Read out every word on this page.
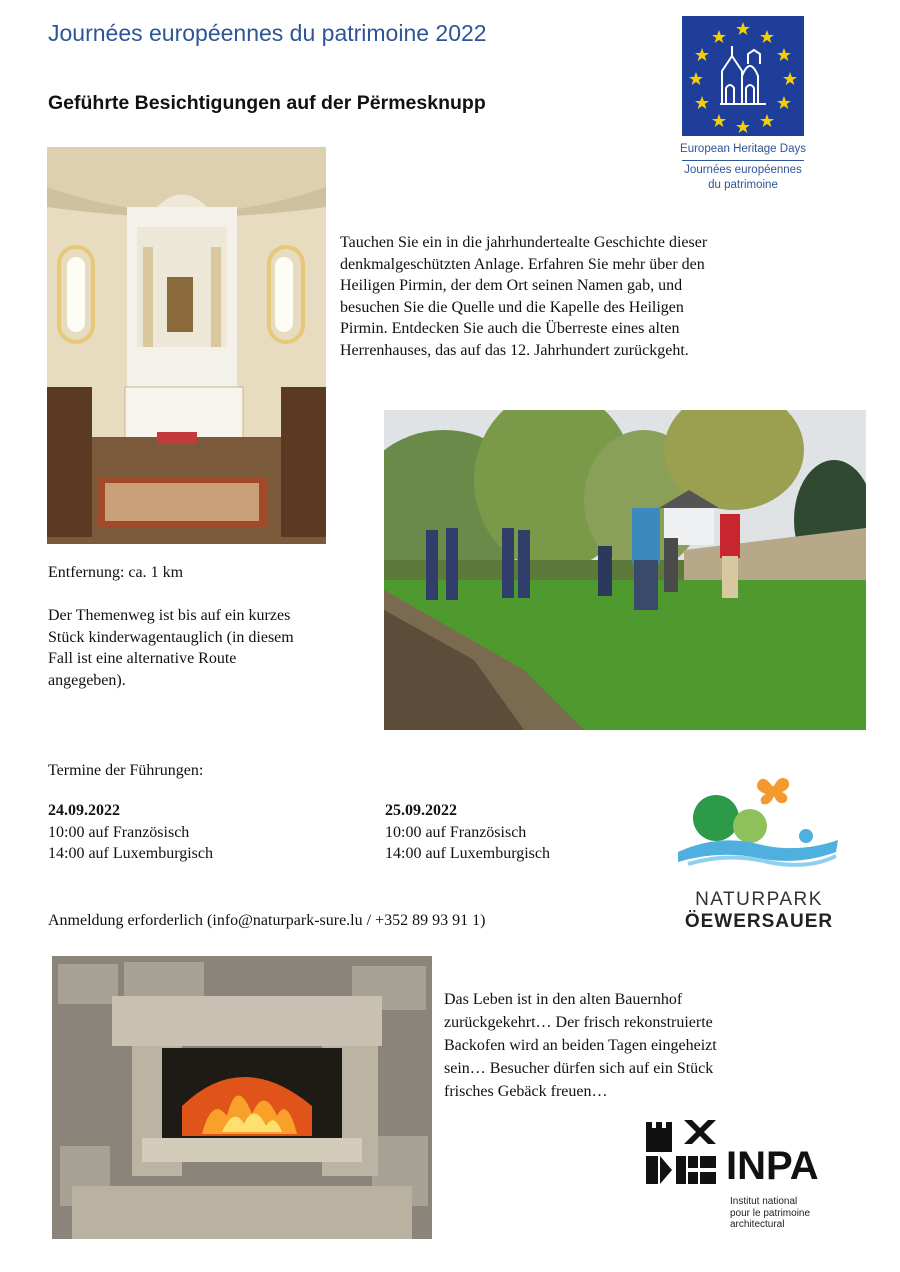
Journées européennes du patrimoine 2022
Geführte Besichtigungen auf der Përmesknupp
European Heritage Days
Journées européennes
du patrimoine
Tauchen Sie ein in die jahrhundertealte Geschichte dieser
denkmalgeschützten Anlage. Erfahren Sie mehr über den
Heiligen Pirmin, der dem Ort seinen Namen gab, und
besuchen Sie die Quelle und die Kapelle des Heiligen
Pirmin. Entdecken Sie auch die Überreste eines alten
Herrenhauses, das auf das 12. Jahrhundert zurückgeht.
Entfernung: ca. 1 km
Der Themenweg ist bis auf ein kurzes
Stück kinderwagentauglich (in diesem
Fall ist eine alternative Route
angegeben).
Termine der Führungen:
24.09.2022
10:00 auf Französisch
14:00 auf Luxemburgisch
25.09.2022
10:00 auf Französisch
14:00 auf Luxemburgisch
NATURPARK
ÖEWERSAUER
Anmeldung erforderlich (info@naturpark-sure.lu / +352 89 93 91 1)
Das Leben ist in den alten Bauernhof
zurückgekehrt… Der frisch rekonstruierte
Backofen wird an beiden Tagen eingeheizt
sein… Besucher dürfen sich auf ein Stück
frisches Gebäck freuen…
INPA
Institut national
pour le patrimoine
architectural
